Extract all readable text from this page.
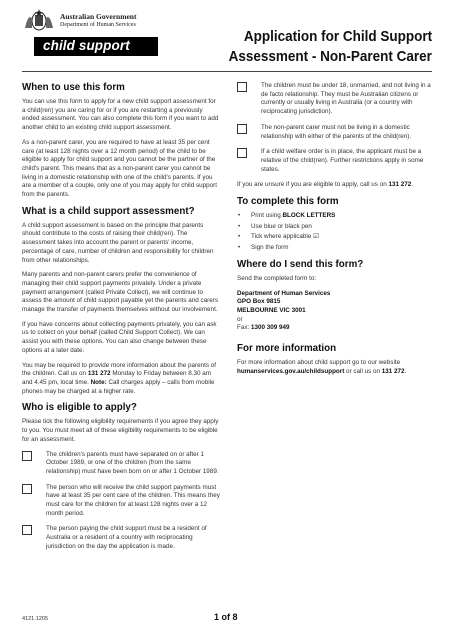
Australian Government
Department of Human Services
child support
Application for Child Support
Assessment - Non-Parent Carer
When to use this form

You can use this form to apply for a new child support assessment for a child(ren) you are caring for or if you are restarting a previously ended assessment. You can also complete this form if you want to add another child to an existing child support assessment.

As a non-parent carer, you are required to have at least 35 per cent care (at least 128 nights over a 12 month period) of the child to be eligible to apply for child support and you cannot be the partner of the child's parent. This means that as a non-parent carer you cannot be living in a domestic relationship with one of the child's parents. If you are a member of a couple, only one of you may apply for child support from the parents.

What is a child support assessment?

A child support assessment is based on the principle that parents should contribute to the costs of raising their child(ren). The assessment takes into account the parent or parents' income, percentage of care, number of children and responsibility for children from other relationships.

Many parents and non-parent carers prefer the convenience of managing their child support payments privately. Under a private payment arrangement (called Private Collect), we will continue to assess the amount of child support payable yet the parents and carers manage the transfer of payments themselves without our involvement.

If you have concerns about collecting payments privately, you can ask us to collect on your behalf (called Child Support Collect). We can assist you with these options. You can also change between these options at a later date.

You may be required to provide more information about the parents of the children. Call us on 131 272 Monday to Friday between 8.30 am and 4.45 pm, local time. Note: Call charges apply – calls from mobile phones may be charged at a higher rate.

Who is eligible to apply?

Please tick the following eligibility requirements if you agree they apply to you. You must meet all of these eligibility requirements to be eligible for an assessment.

The children's parents must have separated on or after 1 October 1989, or one of the children (from the same relationship) must have been born on or after 1 October 1989.
The person who will receive the child support payments must have at least 35 per cent care of the children. This means they must care for the children for at least 128 nights over a 12 month period.
The person paying the child support must be a resident of Australia or a resident of a country with reciprocating jurisdiction on the day the application is made.
The children must be under 18, unmarried, and not living in a de facto relationship. They must be Australian citizens or currently or usually living in Australia (or a country with reciprocating jurisdiction).
The non-parent carer must not be living in a domestic relationship with either of the parents of the child(ren).
If a child welfare order is in place, the applicant must be a relative of the child(ren). Further restrictions apply in some states.

If you are unsure if you are eligible to apply, call us on 131 272.

To complete this form
• Print using BLOCK LETTERS
• Use blue or black pen
• Tick where applicable ☑
• Sign the form
Where do I send this form?

Send the completed form to:

Department of Human Services
GPO Box 9815
MELBOURNE VIC 3001
or
Fax: 1300 309 949

For more information

For more information about child support go to our website humanservices.gov.au/childsupport or call us on 131 272.

4121.1205	1 of 8
